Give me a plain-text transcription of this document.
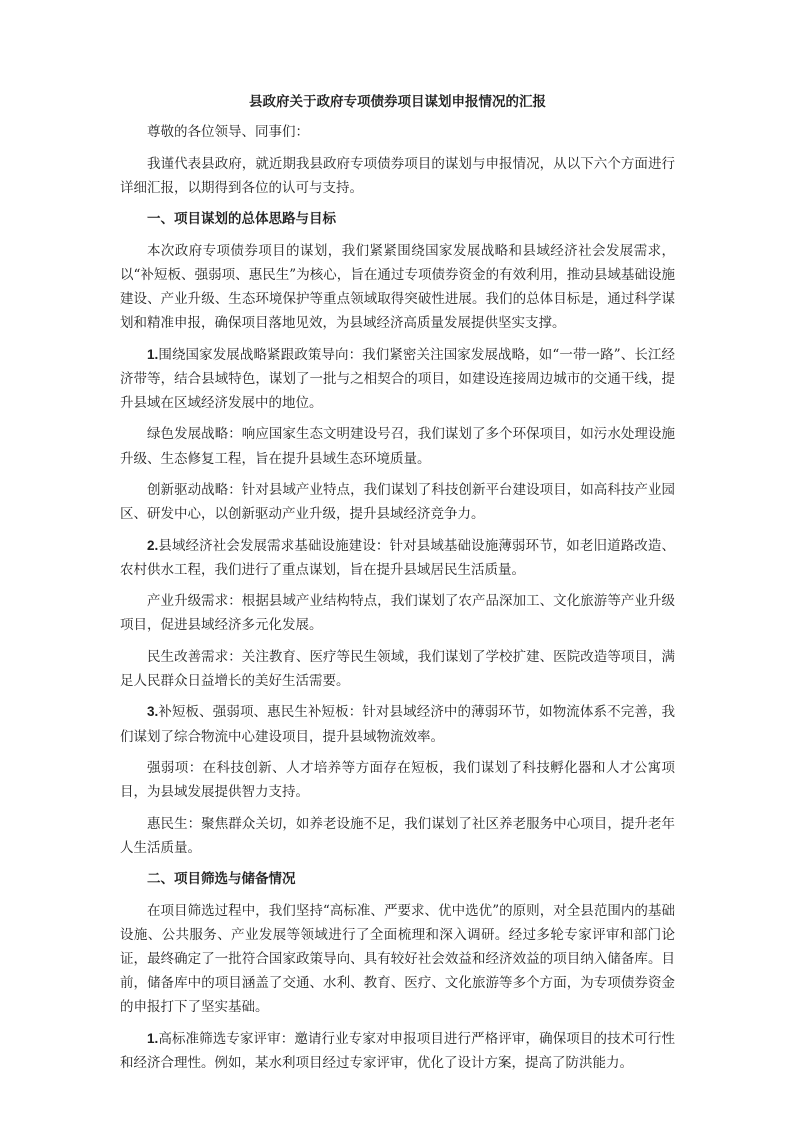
县政府关于政府专项债券项目谋划申报情况的汇报

尊敬的各位领导、同事们：

我谨代表县政府，就近期我县政府专项债券项目的谋划与申报情况，从以下六个方面进行详细汇报，以期得到各位的认可与支持。

一、项目谋划的总体思路与目标

本次政府专项债券项目的谋划，我们紧紧围绕国家发展战略和县域经济社会发展需求，以“补短板、强弱项、惠民生”为核心，旨在通过专项债券资金的有效利用，推动县域基础设施建设、产业升级、生态环境保护等重点领域取得突破性进展。我们的总体目标是，通过科学谋划和精准申报，确保项目落地见效，为县域经济高质量发展提供坚实支撑。

1.围绕国家发展战略紧跟政策导向：我们紧密关注国家发展战略，如“一带一路”、长江经济带等，结合县域特色，谋划了一批与之相契合的项目，如建设连接周边城市的交通干线，提升县域在区域经济发展中的地位。

绿色发展战略：响应国家生态文明建设号召，我们谋划了多个环保项目，如污水处理设施升级、生态修复工程，旨在提升县域生态环境质量。

创新驱动战略：针对县域产业特点，我们谋划了科技创新平台建设项目，如高科技产业园区、研发中心，以创新驱动产业升级，提升县域经济竞争力。

2.县域经济社会发展需求基础设施建设：针对县域基础设施薄弱环节，如老旧道路改造、农村供水工程，我们进行了重点谋划，旨在提升县域居民生活质量。

产业升级需求：根据县域产业结构特点，我们谋划了农产品深加工、文化旅游等产业升级项目，促进县域经济多元化发展。

民生改善需求：关注教育、医疗等民生领域，我们谋划了学校扩建、医院改造等项目，满足人民群众日益增长的美好生活需要。

3.补短板、强弱项、惠民生补短板：针对县域经济中的薄弱环节，如物流体系不完善，我们谋划了综合物流中心建设项目，提升县域物流效率。

强弱项：在科技创新、人才培养等方面存在短板，我们谋划了科技孵化器和人才公寓项目，为县域发展提供智力支持。

惠民生：聚焦群众关切，如养老设施不足，我们谋划了社区养老服务中心项目，提升老年人生活质量。

二、项目筛选与储备情况

在项目筛选过程中，我们坚持“高标准、严要求、优中选优”的原则，对全县范围内的基础设施、公共服务、产业发展等领域进行了全面梳理和深入调研。经过多轮专家评审和部门论证，最终确定了一批符合国家政策导向、具有较好社会效益和经济效益的项目纳入储备库。目前，储备库中的项目涵盖了交通、水利、教育、医疗、文化旅游等多个方面，为专项债券资金的申报打下了坚实基础。

1.高标准筛选专家评审：邀请行业专家对申报项目进行严格评审，确保项目的技术可行性和经济合理性。例如，某水利项目经过专家评审，优化了设计方案，提高了防洪能力。
